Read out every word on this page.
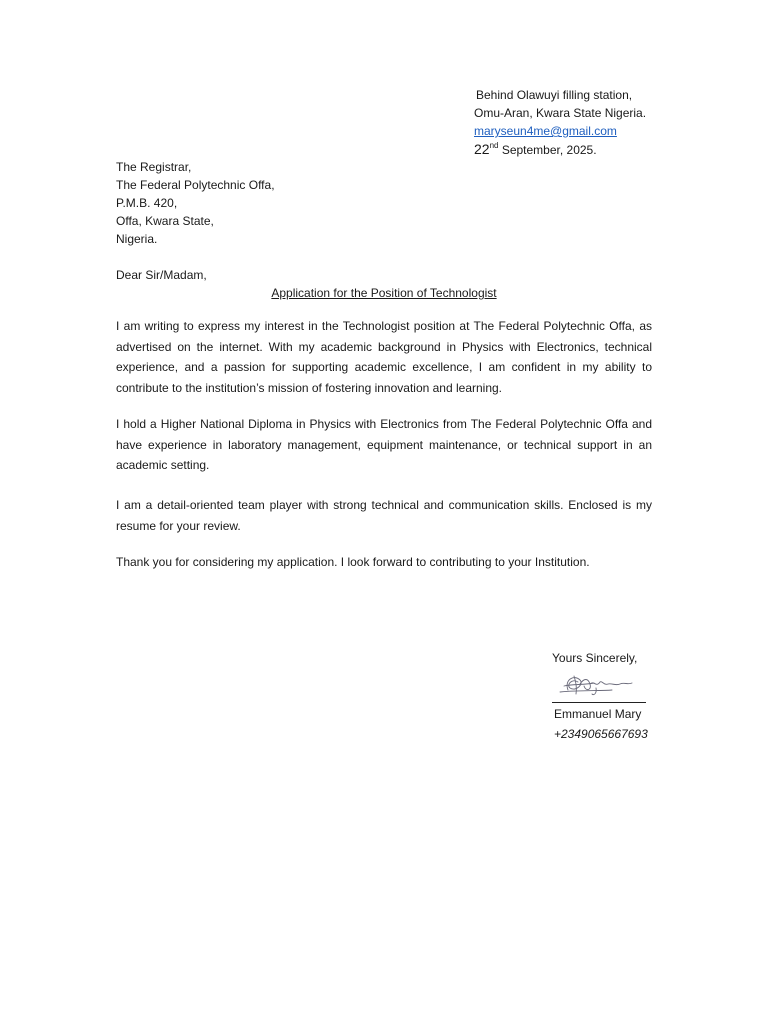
Behind Olawuyi filling station,
Omu-Aran, Kwara State Nigeria.
maryseun4me@gmail.com
22nd September, 2025.
The Registrar,
The Federal Polytechnic Offa,
P.M.B. 420,
Offa, Kwara State,
Nigeria.
Dear Sir/Madam,
Application for the Position of Technologist
I am writing to express my interest in the Technologist position at The Federal Polytechnic Offa, as advertised on the internet. With my academic background in Physics with Electronics, technical experience, and a passion for supporting academic excellence, I am confident in my ability to contribute to the institution’s mission of fostering innovation and learning.
I hold a Higher National Diploma in Physics with Electronics from The Federal Polytechnic Offa and have experience in laboratory management, equipment maintenance, or technical support in an academic setting.
I am a detail-oriented team player with strong technical and communication skills. Enclosed is my resume for your review.
Thank you for considering my application. I look forward to contributing to your Institution.
Yours Sincerely,
Emmanuel Mary
+2349065667693
